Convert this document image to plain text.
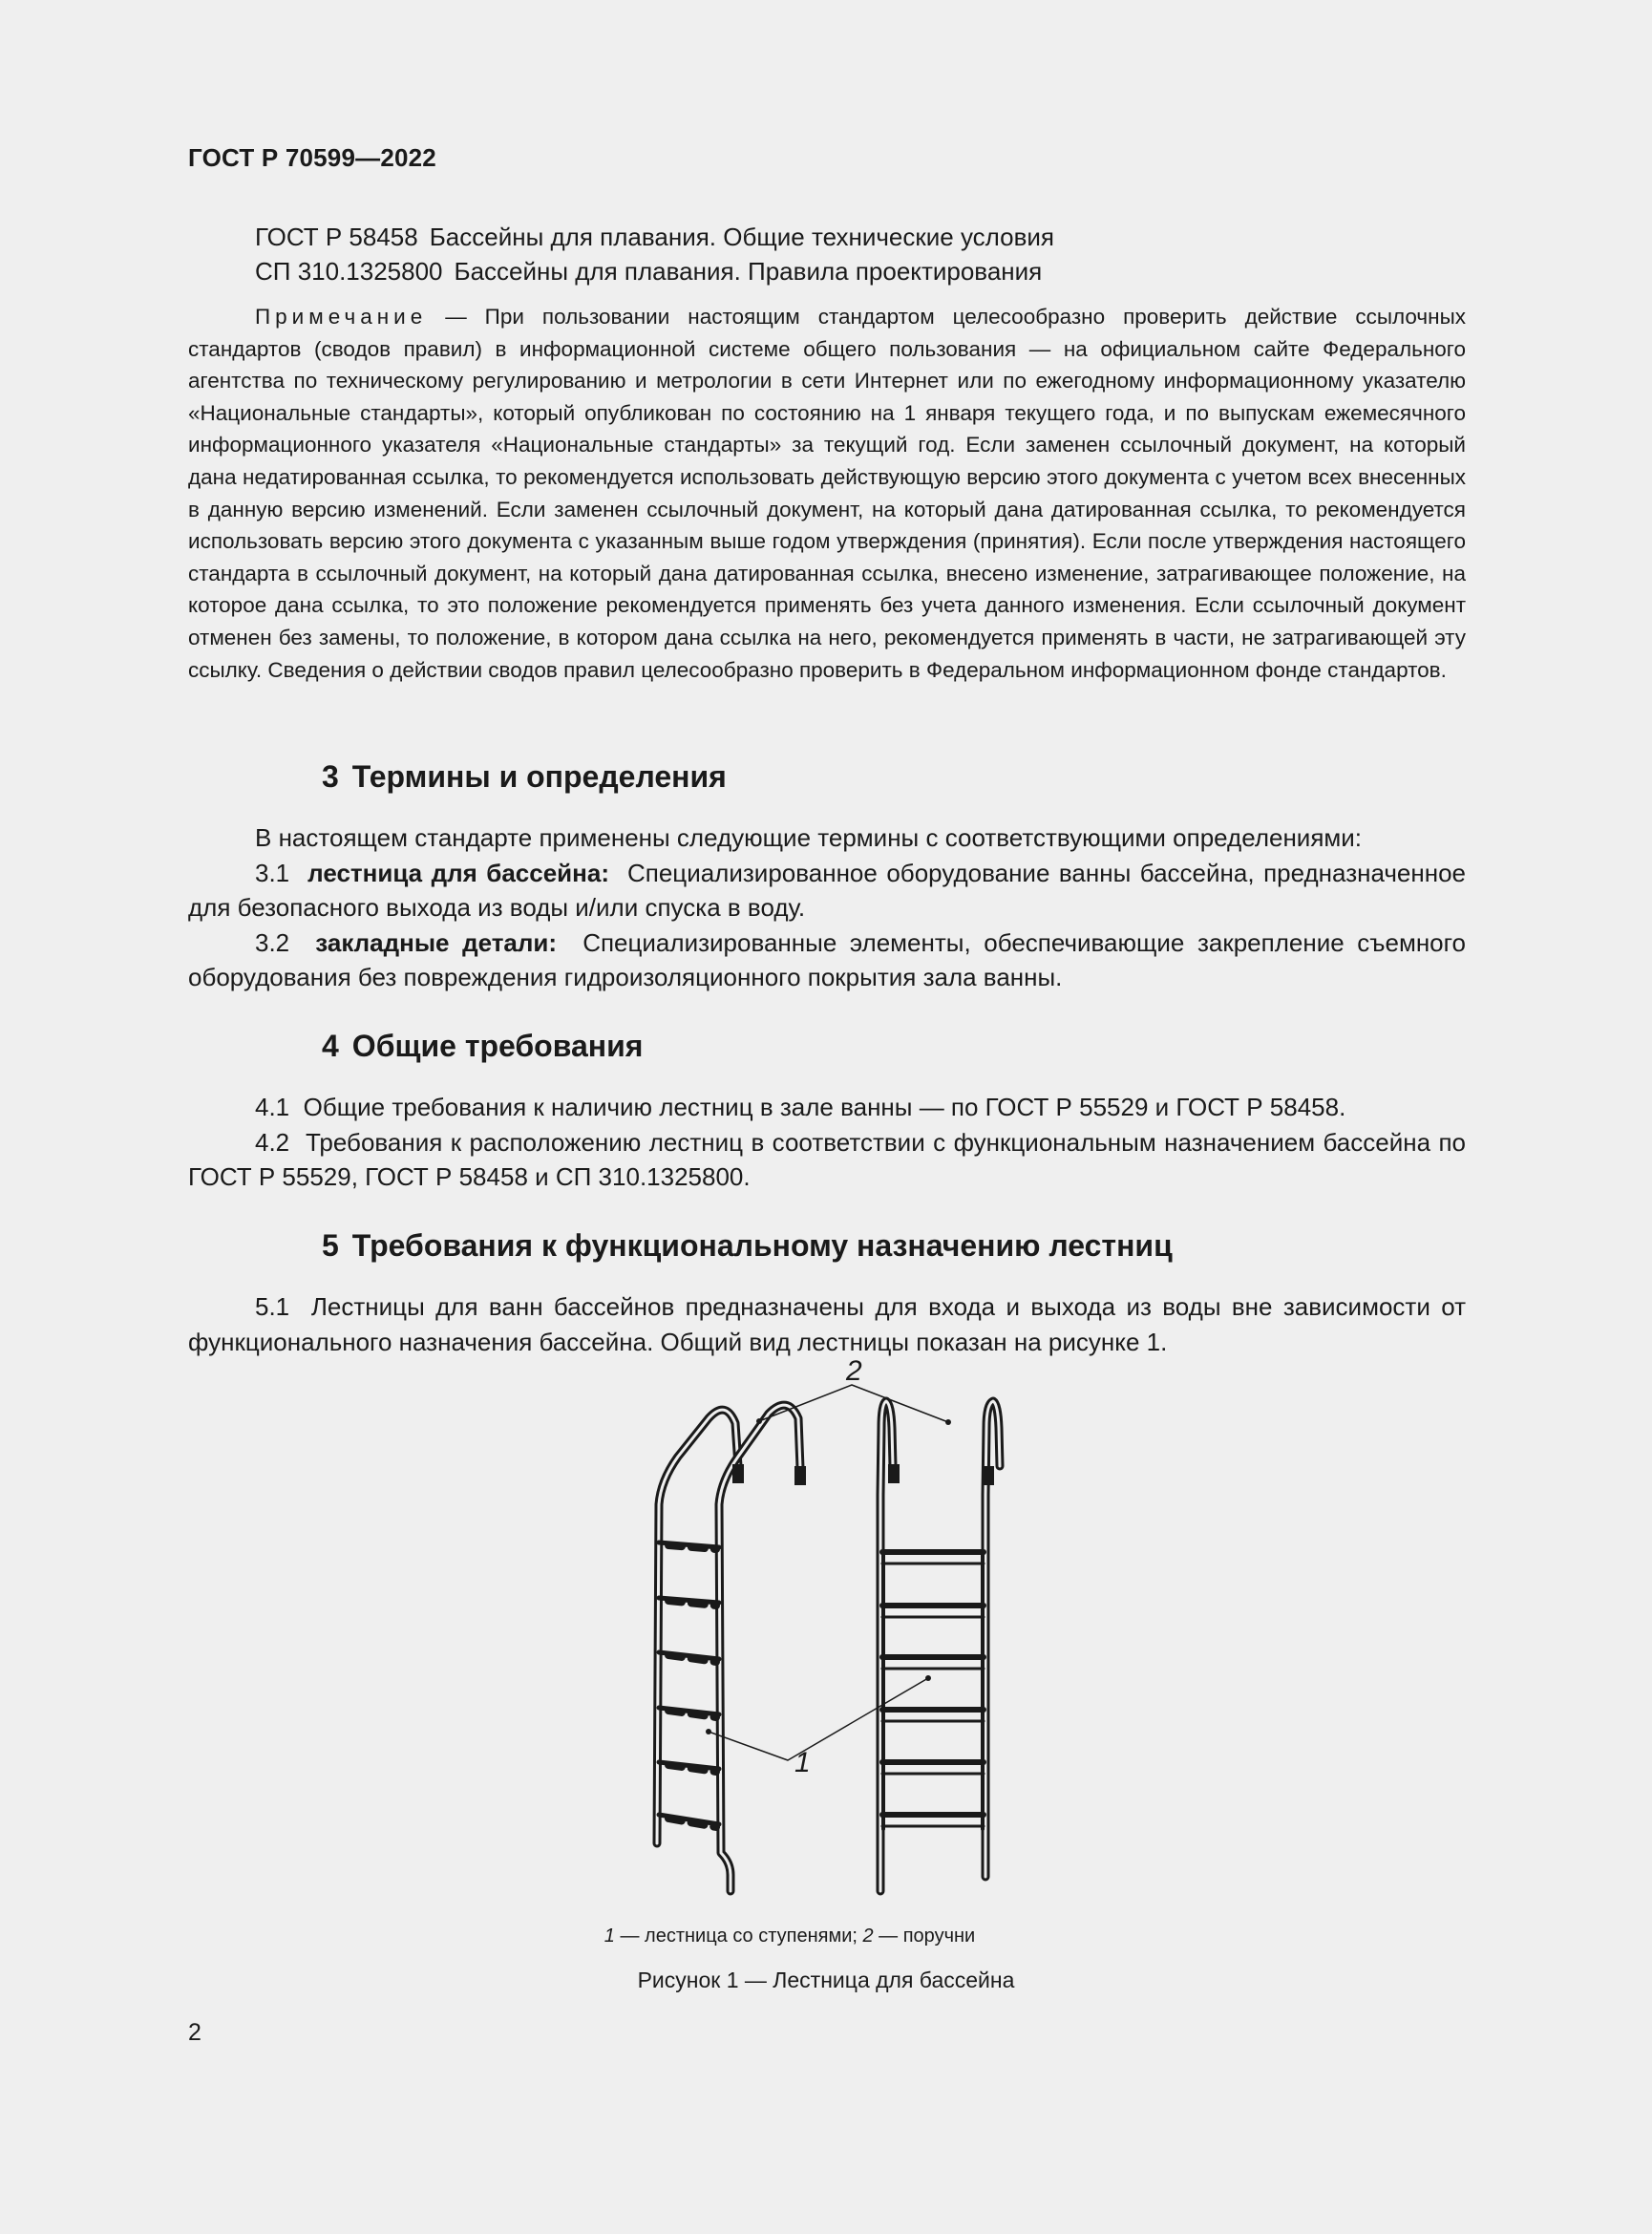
ГОСТ Р 70599—2022
ГОСТ Р 58458 Бассейны для плавания. Общие технические условия
СП 310.1325800 Бассейны для плавания. Правила проектирования
Примечание — При пользовании настоящим стандартом целесообразно проверить действие ссылочных стандартов (сводов правил) в информационной системе общего пользования — на официальном сайте Федерального агентства по техническому регулированию и метрологии в сети Интернет или по ежегодному информационному указателю «Национальные стандарты», который опубликован по состоянию на 1 января текущего года, и по выпускам ежемесячного информационного указателя «Национальные стандарты» за текущий год. Если заменен ссылочный документ, на который дана недатированная ссылка, то рекомендуется использовать действующую версию этого документа с учетом всех внесенных в данную версию изменений. Если заменен ссылочный документ, на который дана датированная ссылка, то рекомендуется использовать версию этого документа с указанным выше годом утверждения (принятия). Если после утверждения настоящего стандарта в ссылочный документ, на который дана датированная ссылка, внесено изменение, затрагивающее положение, на которое дана ссылка, то это положение рекомендуется применять без учета данного изменения. Если ссылочный документ отменен без замены, то положение, в котором дана ссылка на него, рекомендуется применять в части, не затрагивающей эту ссылку. Сведения о действии сводов правил целесообразно проверить в Федеральном информационном фонде стандартов.

3 Термины и определения

В настоящем стандарте применены следующие термины с соответствующими определениями:

3.1 лестница для бассейна: Специализированное оборудование ванны бассейна, предназначенное для безопасного выхода из воды и/или спуска в воду.

3.2 закладные детали: Специализированные элементы, обеспечивающие закрепление съемного оборудования без повреждения гидроизоляционного покрытия зала ванны.

4 Общие требования

4.1 Общие требования к наличию лестниц в зале ванны — по ГОСТ Р 55529 и ГОСТ Р 58458.

4.2 Требования к расположению лестниц в соответствии с функциональным назначением бассейна по ГОСТ Р 55529, ГОСТ Р 58458 и СП 310.1325800.

5 Требования к функциональному назначению лестниц

5.1 Лестницы для ванн бассейнов предназначены для входа и выхода из воды вне зависимости от функционального назначения бассейна. Общий вид лестницы показан на рисунке 1.

2
1
1 — лестница со ступенями; 2 — поручни
Рисунок 1 — Лестница для бассейна
2
